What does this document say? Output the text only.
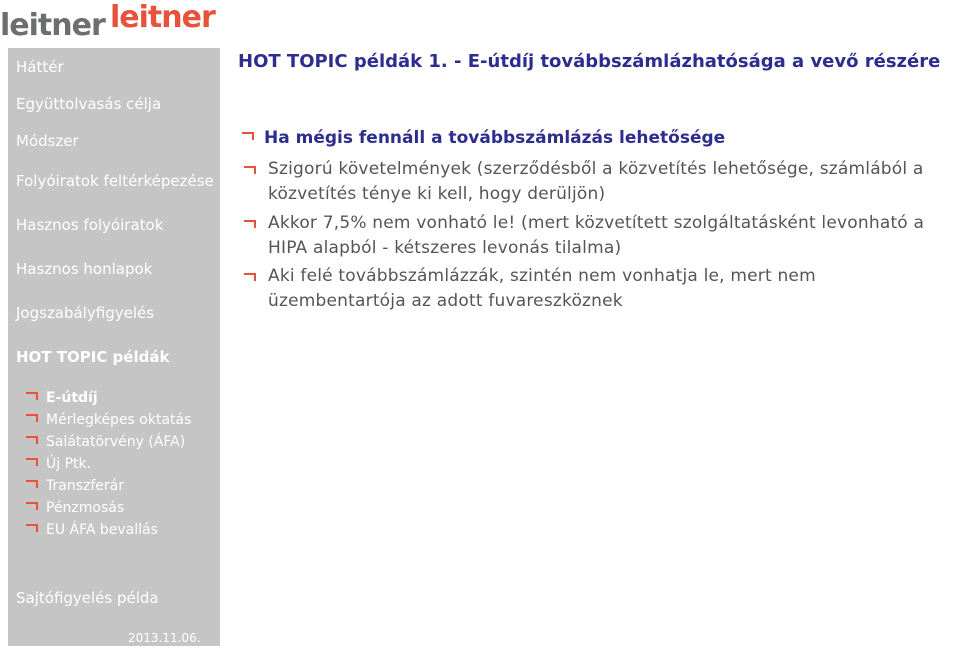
leitner leitner
Háttér
Együttolvasás célja
Módszer
Folyóiratok feltérképezése
Hasznos folyóiratok
Hasznos honlapok
Jogszabályfigyelés
HOT TOPIC példák
E-útdíj
Mérlegképes oktatás
Salátatörvény (ÁFA)
Új Ptk.
Transzferár
Pénzmosás
EU ÁFA bevallás
Sajtófigyelés példa
2013.11.06.
HOT TOPIC példák 1. - E-útdíj továbbszámlázhatósága a vevő részére
Ha mégis fennáll a továbbszámlázás lehetősége
Szigorú követelmények (szerződésből a közvetítés lehetősége, számlából a közvetítés ténye ki kell, hogy derüljön)
Akkor 7,5% nem vonható le! (mert közvetített szolgáltatásként levonható a HIPA alapból - kétszeres levonás tilalma)
Aki felé továbbszámlázzák, szintén nem vonhatja le, mert nem üzembentartója az adott fuvareszköznek
